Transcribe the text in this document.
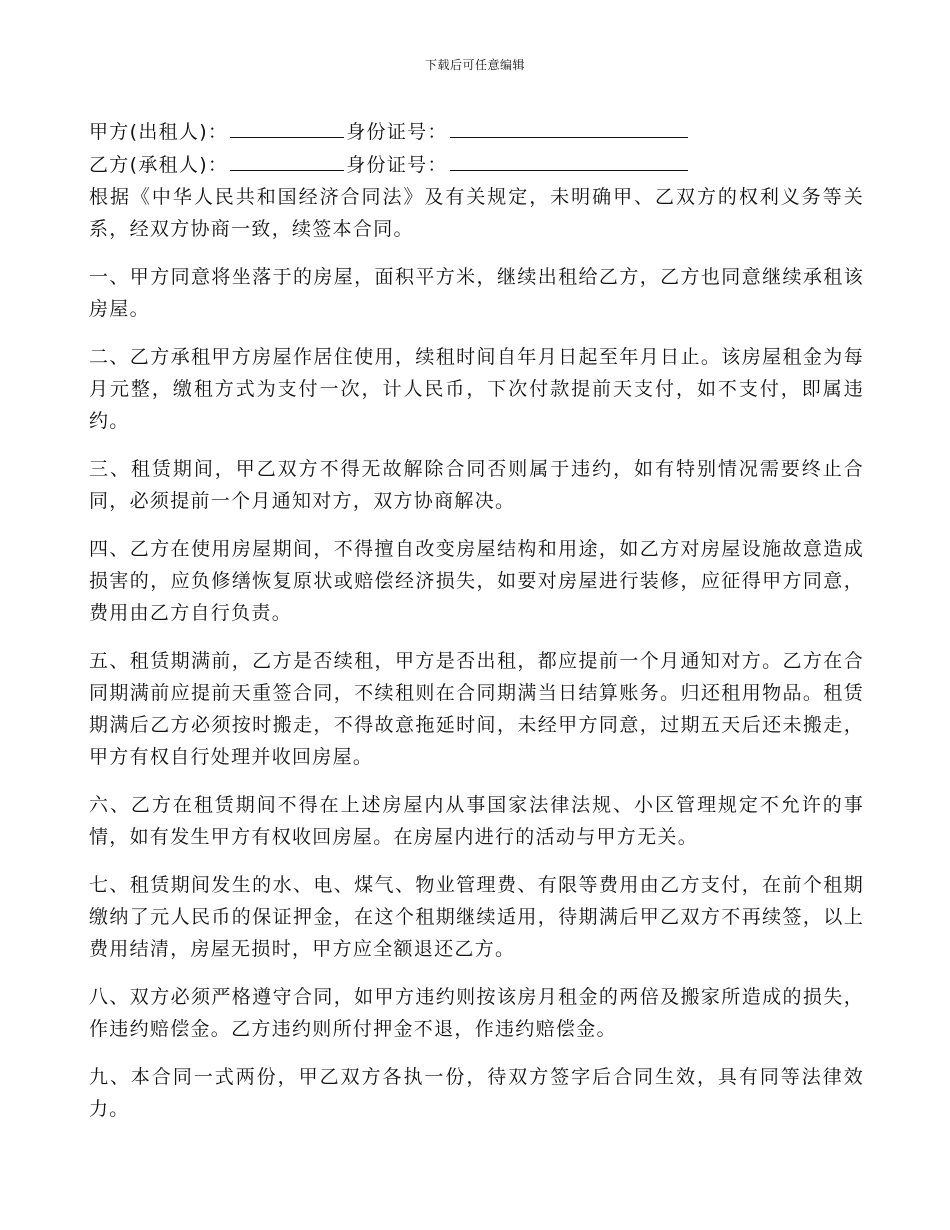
下载后可任意编辑
甲方(出租人)：	身份证号：
乙方(承租人)：	身份证号：

根据《中华人民共和国经济合同法》及有关规定，未明确甲、乙双方的权利义务等关系，经双方协商一致，续签本合同。

一、甲方同意将坐落于的房屋，面积平方米，继续出租给乙方，乙方也同意继续承租该房屋。

二、乙方承租甲方房屋作居住使用，续租时间自年月日起至年月日止。该房屋租金为每月元整，缴租方式为支付一次，计人民币，下次付款提前天支付，如不支付，即属违约。

三、租赁期间，甲乙双方不得无故解除合同否则属于违约，如有特别情况需要终止合同，必须提前一个月通知对方，双方协商解决。

四、乙方在使用房屋期间，不得擅自改变房屋结构和用途，如乙方对房屋设施故意造成损害的，应负修缮恢复原状或赔偿经济损失，如要对房屋进行装修，应征得甲方同意，费用由乙方自行负责。

五、租赁期满前，乙方是否续租，甲方是否出租，都应提前一个月通知对方。乙方在合同期满前应提前天重签合同，不续租则在合同期满当日结算账务。归还租用物品。租赁期满后乙方必须按时搬走，不得故意拖延时间，未经甲方同意，过期五天后还未搬走，甲方有权自行处理并收回房屋。

六、乙方在租赁期间不得在上述房屋内从事国家法律法规、小区管理规定不允许的事情，如有发生甲方有权收回房屋。在房屋内进行的活动与甲方无关。

七、租赁期间发生的水、电、煤气、物业管理费、有限等费用由乙方支付，在前个租期缴纳了元人民币的保证押金，在这个租期继续适用，待期满后甲乙双方不再续签，以上费用结清，房屋无损时，甲方应全额退还乙方。

八、双方必须严格遵守合同，如甲方违约则按该房月租金的两倍及搬家所造成的损失，作违约赔偿金。乙方违约则所付押金不退，作违约赔偿金。

九、本合同一式两份，甲乙双方各执一份，待双方签字后合同生效，具有同等法律效力。
